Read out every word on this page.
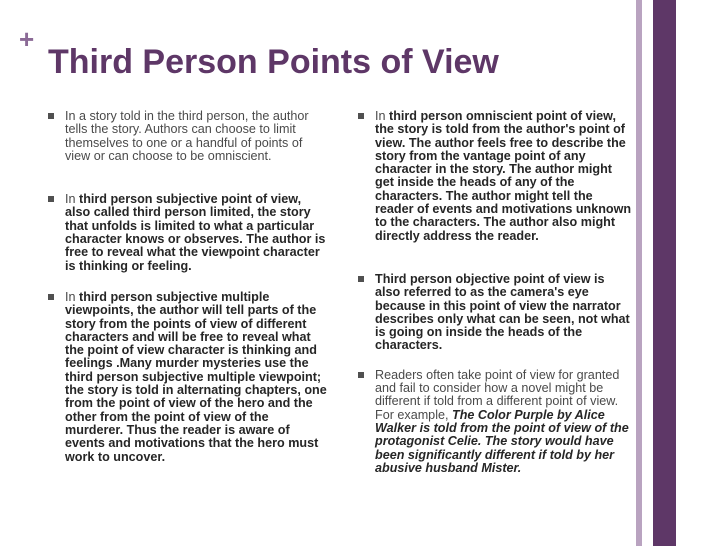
+
Third Person Points of View
In a story told in the third person, the author tells the story. Authors can choose to limit themselves to one or a handful of points of view or can choose to be omniscient.
In third person subjective point of view, also called third person limited, the story that unfolds is limited to what a particular character knows or observes. The author is free to reveal what the viewpoint character is thinking or feeling.
In third person subjective multiple viewpoints, the author will tell parts of the story from the points of view of different characters and will be free to reveal what the point of view character is thinking and feelings .Many murder mysteries use the third person subjective multiple viewpoint; the story is told in alternating chapters, one from the point of view of the hero and the other from the point of view of the murderer. Thus the reader is aware of events and motivations that the hero must work to uncover.
In third person omniscient point of view, the story is told from the author's point of view. The author feels free to describe the story from the vantage point of any character in the story. The author might get inside the heads of any of the characters. The author might tell the reader of events and motivations unknown to the characters. The author also might directly address the reader.
Third person objective point of view is also referred to as the camera's eye because in this point of view the narrator describes only what can be seen, not what is going on inside the heads of the characters.
Readers often take point of view for granted and fail to consider how a novel might be different if told from a different point of view. For example, The Color Purple by Alice Walker is told from the point of view of the protagonist Celie. The story would have been significantly different if told by her abusive husband Mister.
